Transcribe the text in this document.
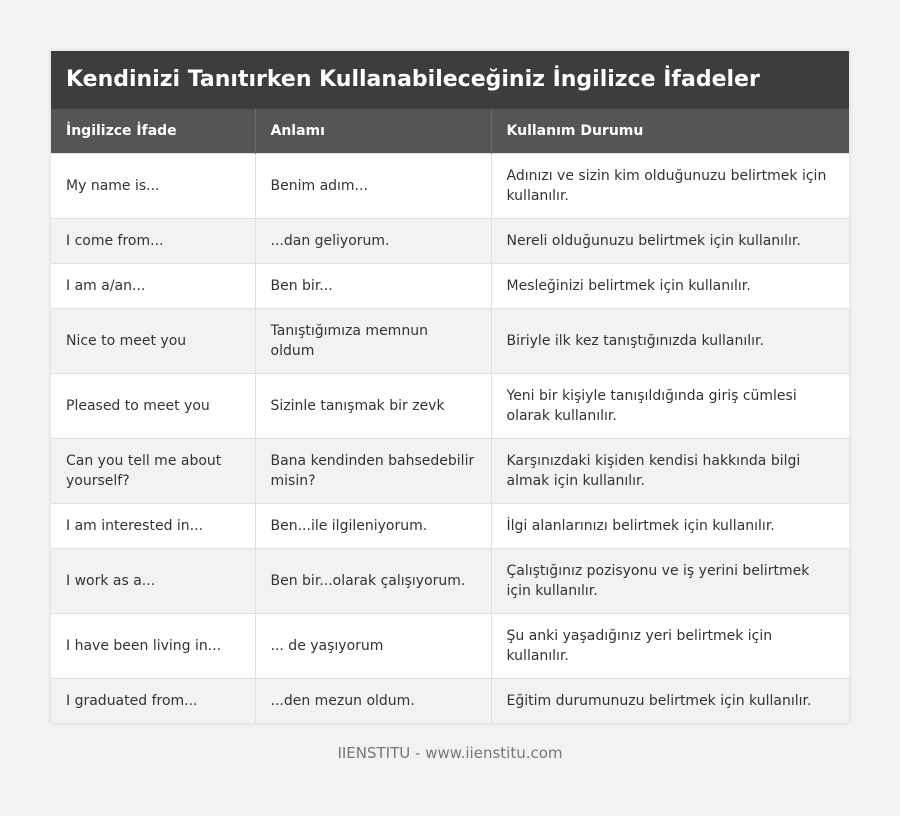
Kendinizi Tanıtırken Kullanabileceğiniz İngilizce İfadeler
İngilizce İfade	Anlamı	Kullanım Durumu
My name is...	Benim adım...	Adınızı ve sizin kim olduğunuzu belirtmek için kullanılır.
I come from...	...dan geliyorum.	Nereli olduğunuzu belirtmek için kullanılır.
I am a/an...	Ben bir...	Mesleğinizi belirtmek için kullanılır.
Nice to meet you	Tanıştığımıza memnun oldum	Biriyle ilk kez tanıştığınızda kullanılır.
Pleased to meet you	Sizinle tanışmak bir zevk	Yeni bir kişiyle tanışıldığında giriş cümlesi olarak kullanılır.
Can you tell me about yourself?	Bana kendinden bahsedebilir misin?	Karşınızdaki kişiden kendisi hakkında bilgi almak için kullanılır.
I am interested in...	Ben...ile ilgileniyorum.	İlgi alanlarınızı belirtmek için kullanılır.
I work as a...	Ben bir...olarak çalışıyorum.	Çalıştığınız pozisyonu ve iş yerini belirtmek için kullanılır.
I have been living in...	... de yaşıyorum	Şu anki yaşadığınız yeri belirtmek için kullanılır.
I graduated from...	...den mezun oldum.	Eğitim durumunuzu belirtmek için kullanılır.
IIENSTITU - www.iienstitu.com
